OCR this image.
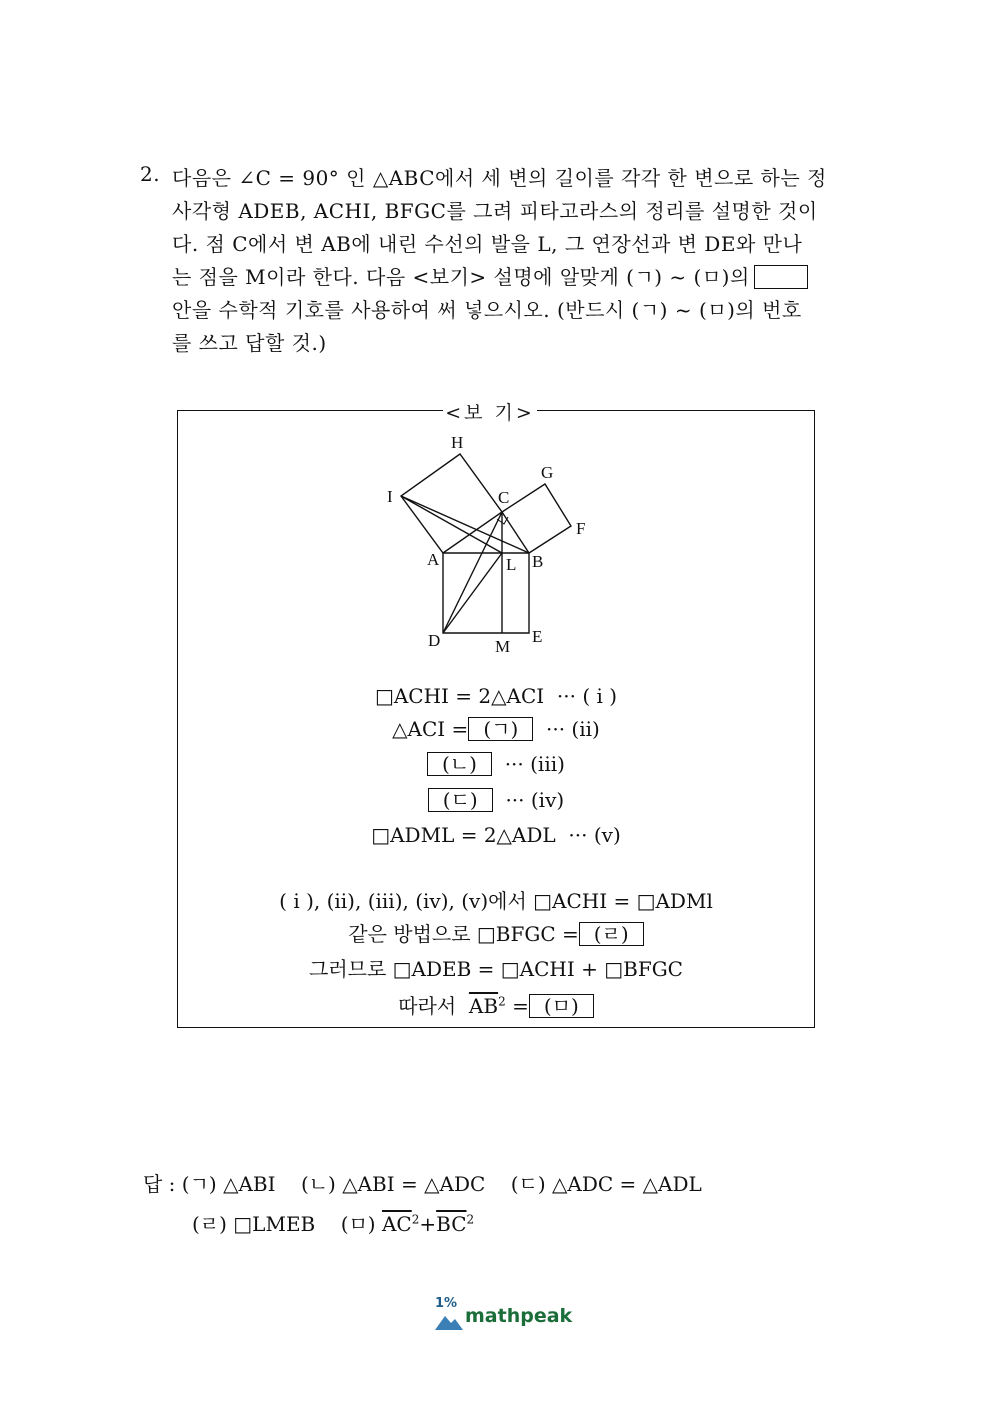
2. 다음은 ∠C = 90° 인 △ABC에서 세 변의 길이를 각각 한 변으로 하는 정
사각형 ADEB, ACHI, BFGC를 그려 피타고라스의 정리를 설명한 것이
다. 점 C에서 변 AB에 내린 수선의 발을 L, 그 연장선과 변 DE와 만나
는 점을 M이라 한다. 다음 <보기> 설명에 알맞게 (ㄱ) ~ (ㅁ)의
안을 수학적 기호를 사용하여 써 넣으시오. (반드시 (ㄱ) ~ (ㅁ)의 번호
를 쓰고 답할 것.)
<보 기>
H
G
I	C
F
A	L B
D	M
E
□ACHI = 2△ACI ··· ( i )
△ACI = (ㄱ) ··· (ii)
(ㄴ) ··· (iii)
(ㄷ) ··· (iv)
□ADML = 2△ADL ··· (v)
( i ), (ii), (iii), (iv), (v)에서 □ACHI = □ADMl
같은 방법으로 □BFGC = (ㄹ)
그러므로 □ADEB = □ACHI + □BFGC
따라서 $\overline{AB}^2$ = (ㅁ)
답 : (ㄱ) △ABI (ㄴ) △ABI = △ADC (ㄷ) △ADC = △ADL
(ㄹ) □LMEB (ㅁ) $\overline{AC}^2+\overline{BC}^2$
1%
mathpeak
